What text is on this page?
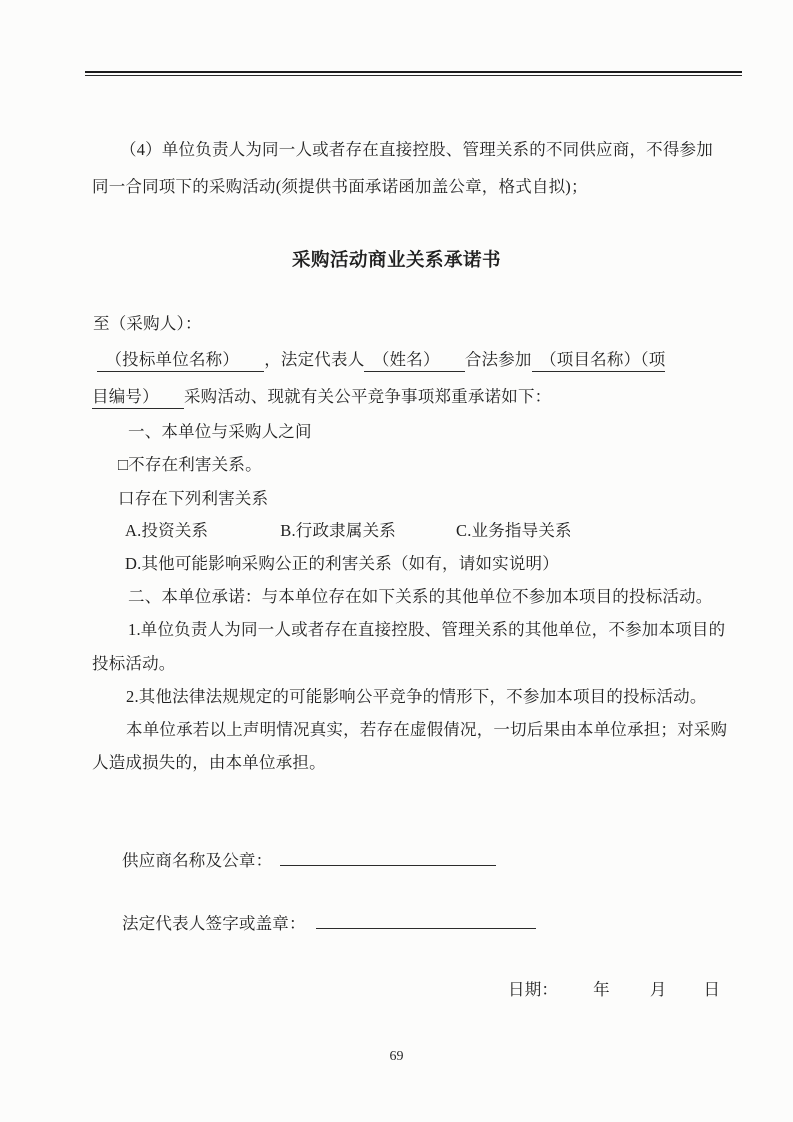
（4）单位负责人为同一人或者存在直接控股、管理关系的不同供应商，不得参加
同一合同项下的采购活动(须提供书面承诺函加盖公章，格式自拟)；
采购活动商业关系承诺书
至（采购人）：
　（投标单位名称）　　，法定代表人　（姓名）　　合法参加　（项目名称）（项
目编号）　　采购活动、现就有关公平竞争事项郑重承诺如下：
一、本单位与采购人之间
□不存在利害关系。
口存在下列利害关系
A.投资关系	B.行政隶属关系	C.业务指导关系
D.其他可能影响采购公正的利害关系（如有，请如实说明）
二、本单位承诺：与本单位存在如下关系的其他单位不参加本项目的投标活动。
1.单位负责人为同一人或者存在直接控股、管理关系的其他单位，不参加本项目的
投标活动。
2.其他法律法规规定的可能影响公平竞争的情形下，不参加本项目的投标活动。
本单位承若以上声明情况真实，若存在虚假倩况，一切后果由本单位承担；对采购
人造成损失的，由本单位承担。
供应商名称及公章：
法定代表人签字或盖章：
日期： 年 月 日
69
